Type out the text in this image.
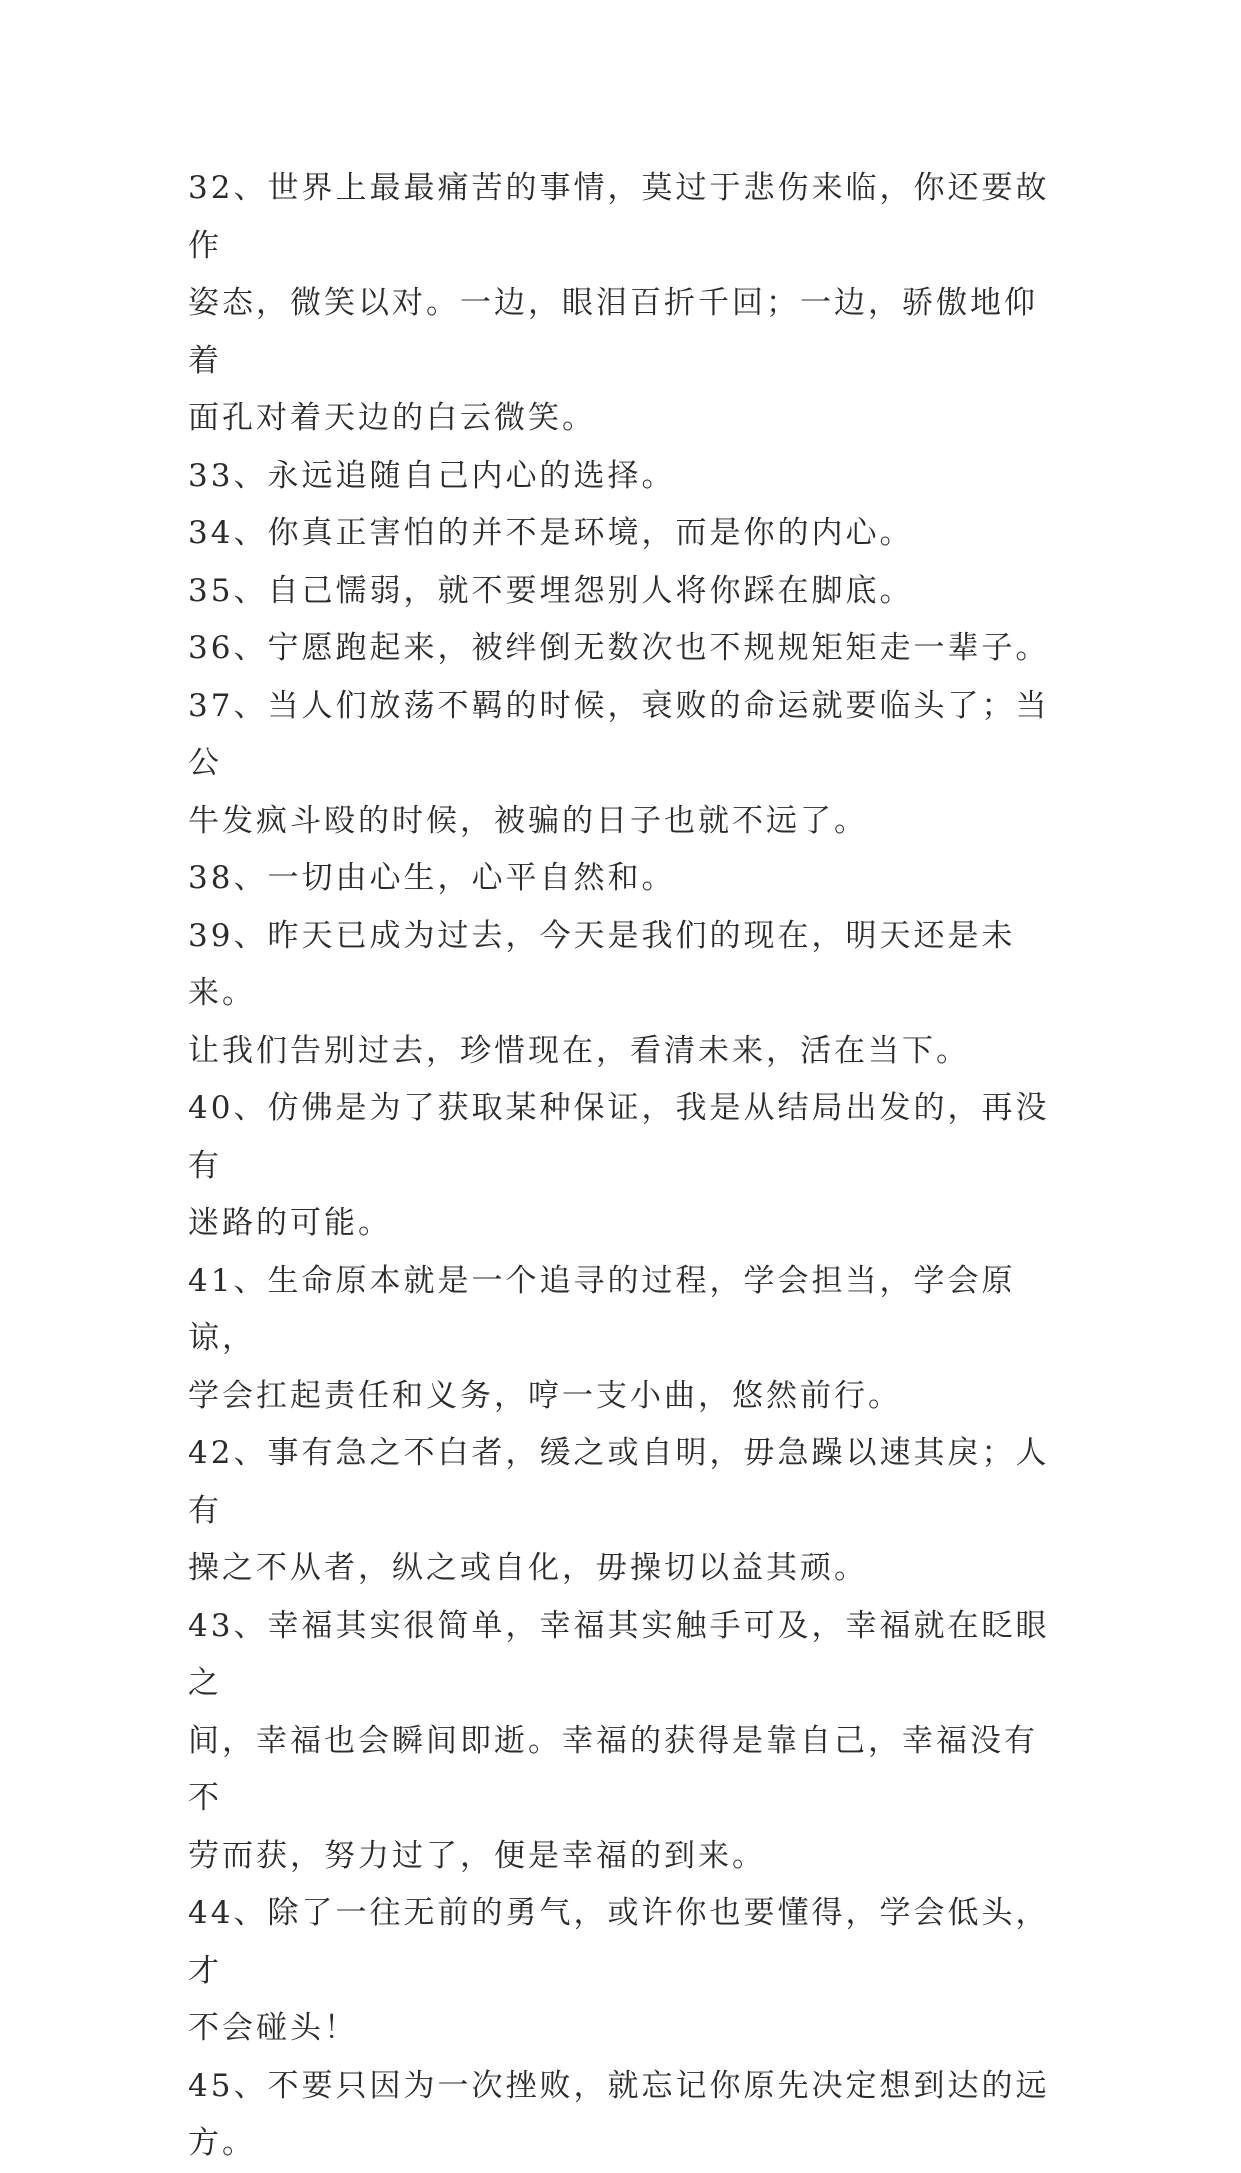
32、世界上最最痛苦的事情，莫过于悲伤来临，你还要故作
姿态，微笑以对。一边，眼泪百折千回；一边，骄傲地仰着
面孔对着天边的白云微笑。

33、永远追随自己内心的选择。

34、你真正害怕的并不是环境，而是你的内心。

35、自己懦弱，就不要埋怨别人将你踩在脚底。

36、宁愿跑起来，被绊倒无数次也不规规矩矩走一辈子。

37、当人们放荡不羁的时候，衰败的命运就要临头了；当公
牛发疯斗殴的时候，被骗的日子也就不远了。

38、一切由心生，心平自然和。

39、昨天已成为过去，今天是我们的现在，明天还是未来。
让我们告别过去，珍惜现在，看清未来，活在当下。

40、仿佛是为了获取某种保证，我是从结局出发的，再没有
迷路的可能。

41、生命原本就是一个追寻的过程，学会担当，学会原谅，
学会扛起责任和义务，哼一支小曲，悠然前行。

42、事有急之不白者，缓之或自明，毋急躁以速其戾；人有
操之不从者，纵之或自化，毋操切以益其顽。

43、幸福其实很简单，幸福其实触手可及，幸福就在眨眼之
间，幸福也会瞬间即逝。幸福的获得是靠自己，幸福没有不
劳而获，努力过了，便是幸福的到来。

44、除了一往无前的勇气，或许你也要懂得，学会低头，才
不会碰头！

45、不要只因为一次挫败，就忘记你原先决定想到达的远方。
